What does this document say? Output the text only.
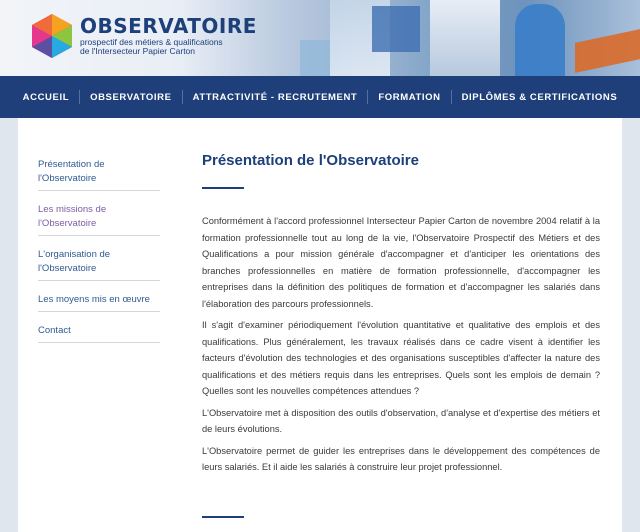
OBSERVATOIRE
prospectif des métiers & qualifications de l'Intersecteur Papier Carton
ACCUEIL	OBSERVATOIRE	ATTRACTIVITÉ - RECRUTEMENT	FORMATION	DIPLÔMES & CERTIFICATIONS
Présentation de l'Observatoire
Les missions de l'Observatoire
L'organisation de l'Observatoire
Les moyens mis en œuvre
Contact
Présentation de l'Observatoire

Conformément à l'accord professionnel Intersecteur Papier Carton de novembre 2004 relatif à la formation professionnelle tout au long de la vie, l'Observatoire Prospectif des Métiers et des Qualifications a pour mission générale d'accompagner et d'anticiper les orientations des branches professionnelles en matière de formation professionnelle, d'accompagner les entreprises dans la définition des politiques de formation et d'accompagner les salariés dans l'élaboration des parcours professionnels.

Il s'agit d'examiner périodiquement l'évolution quantitative et qualitative des emplois et des qualifications. Plus généralement, les travaux réalisés dans ce cadre visent à identifier les facteurs d'évolution des technologies et des organisations susceptibles d'affecter la nature des qualifications et des métiers requis dans les entreprises. Quels sont les emplois de demain ? Quelles sont les nouvelles compétences attendues ?

L'Observatoire met à disposition des outils d'observation, d'analyse et d'expertise des métiers et de leurs évolutions.

L'Observatoire permet de guider les entreprises dans le développement des compétences de leurs salariés. Et il aide les salariés à construire leur projet professionnel.
